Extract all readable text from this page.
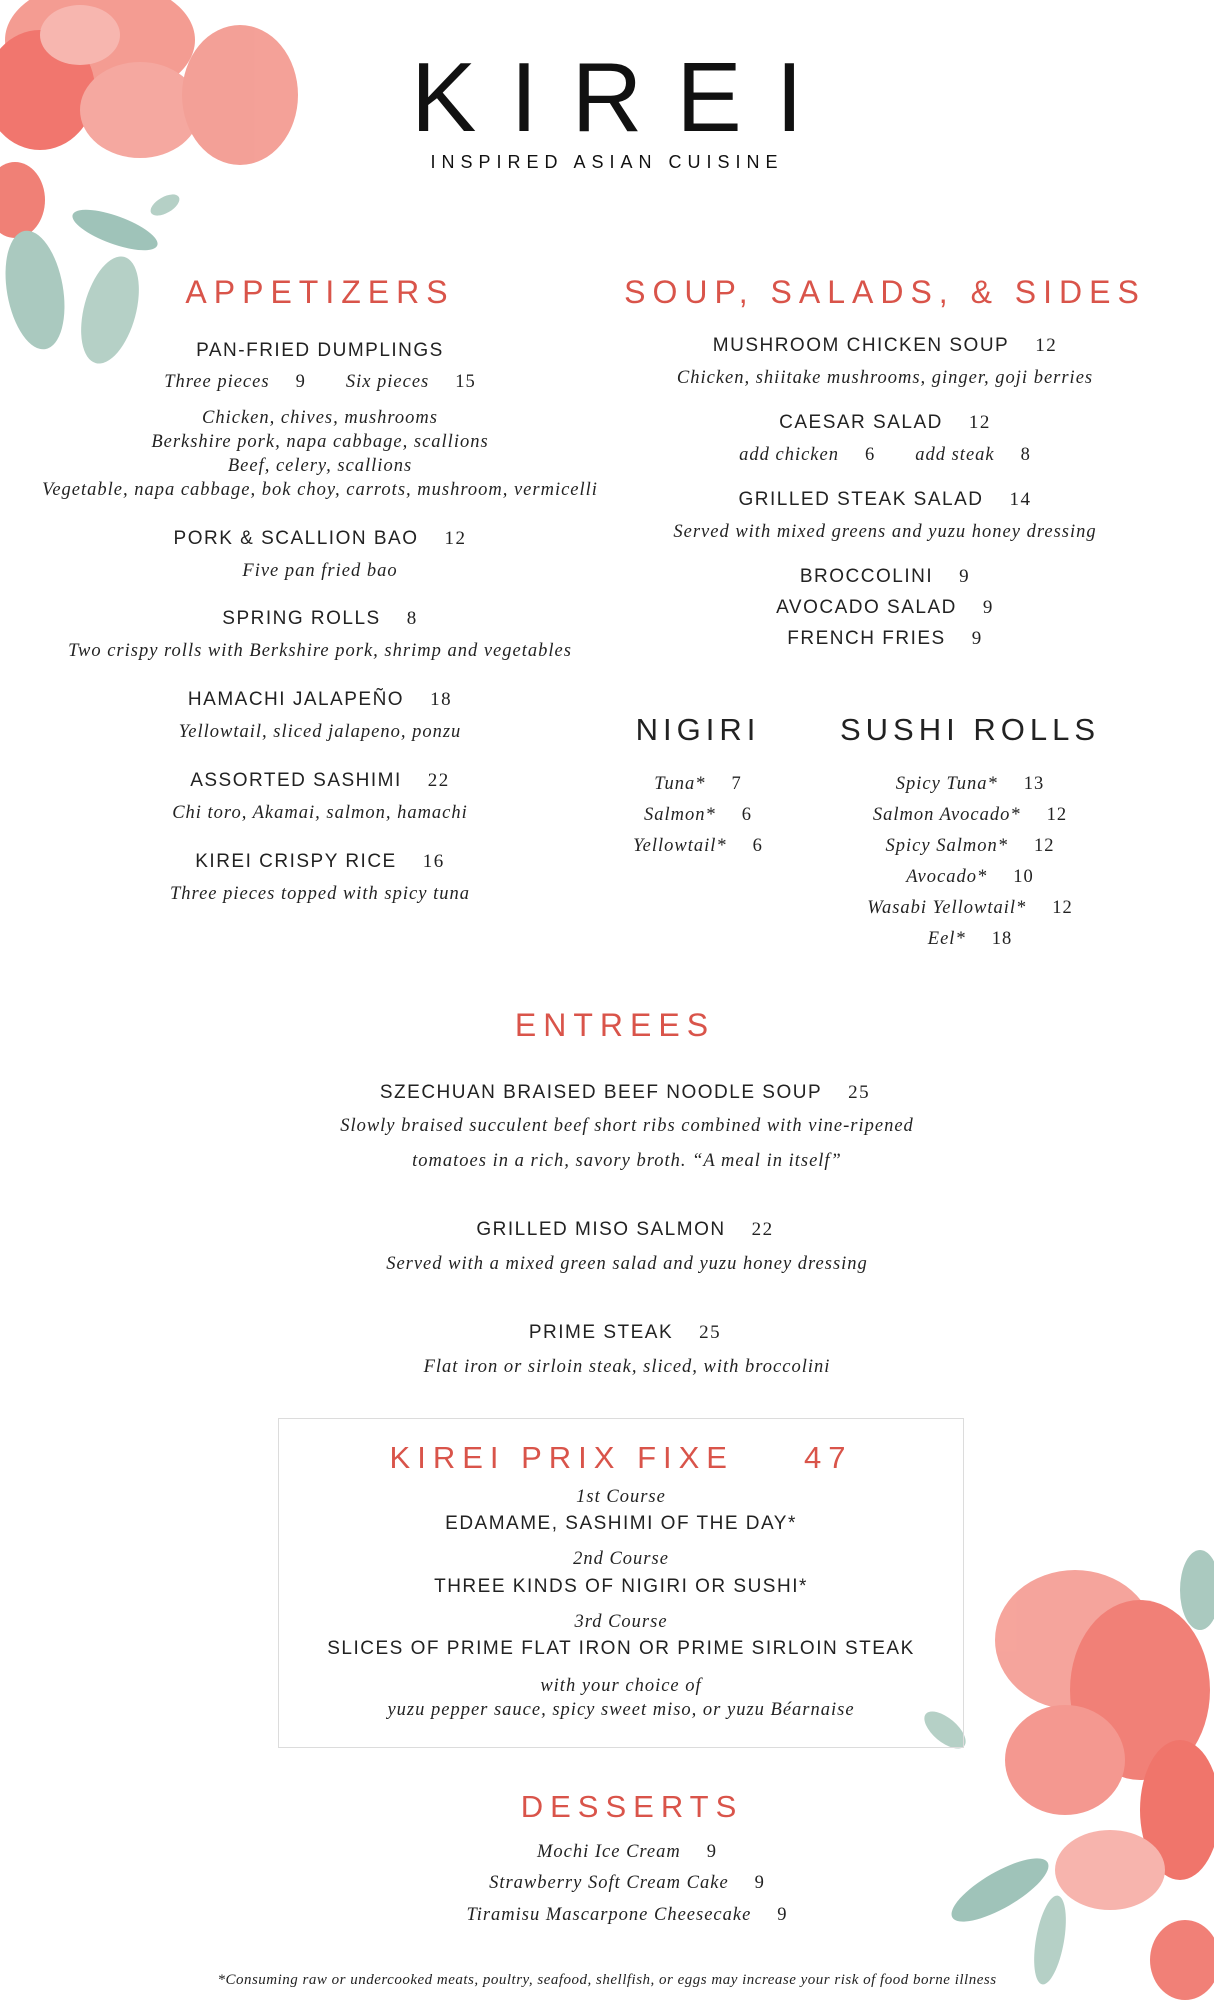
KIREI
INSPIRED ASIAN CUISINE
APPETIZERS
PAN-FRIED DUMPLINGS
Three pieces 9 Six pieces 15
Chicken, chives, mushrooms
Berkshire pork, napa cabbage, scallions
Beef, celery, scallions
Vegetable, napa cabbage, bok choy, carrots, mushroom, vermicelli
PORK & SCALLION BAO 12
Five pan fried bao
SPRING ROLLS 8
Two crispy rolls with Berkshire pork, shrimp and vegetables
HAMACHI JALAPEÑO 18
Yellowtail, sliced jalapeno, ponzu
ASSORTED SASHIMI 22
Chi toro, Akamai, salmon, hamachi
KIREI CRISPY RICE 16
Three pieces topped with spicy tuna
SOUP, SALADS, & SIDES
MUSHROOM CHICKEN SOUP 12
Chicken, shiitake mushrooms, ginger, goji berries
CAESAR SALAD 12
add chicken 6 add steak 8
GRILLED STEAK SALAD 14
Served with mixed greens and yuzu honey dressing
BROCCOLINI 9
AVOCADO SALAD 9
FRENCH FRIES 9
NIGIRI
Tuna* 7
Salmon* 6
Yellowtail* 6
SUSHI ROLLS
Spicy Tuna* 13
Salmon Avocado* 12
Spicy Salmon* 12
Avocado* 10
Wasabi Yellowtail* 12
Eel* 18
ENTREES
SZECHUAN BRAISED BEEF NOODLE SOUP 25
Slowly braised succulent beef short ribs combined with vine-ripened
tomatoes in a rich, savory broth. “A meal in itself”
GRILLED MISO SALMON 22
Served with a mixed green salad and yuzu honey dressing
PRIME STEAK 25
Flat iron or sirloin steak, sliced, with broccolini
KIREI PRIX FIXE 47
1st Course
EDAMAME, SASHIMI OF THE DAY*
2nd Course
THREE KINDS OF NIGIRI OR SUSHI*
3rd Course
SLICES OF PRIME FLAT IRON OR PRIME SIRLOIN STEAK
with your choice of
yuzu pepper sauce, spicy sweet miso, or yuzu Béarnaise
DESSERTS
Mochi Ice Cream 9
Strawberry Soft Cream Cake 9
Tiramisu Mascarpone Cheesecake 9
*Consuming raw or undercooked meats, poultry, seafood, shellfish, or eggs may increase your risk of food borne illness
